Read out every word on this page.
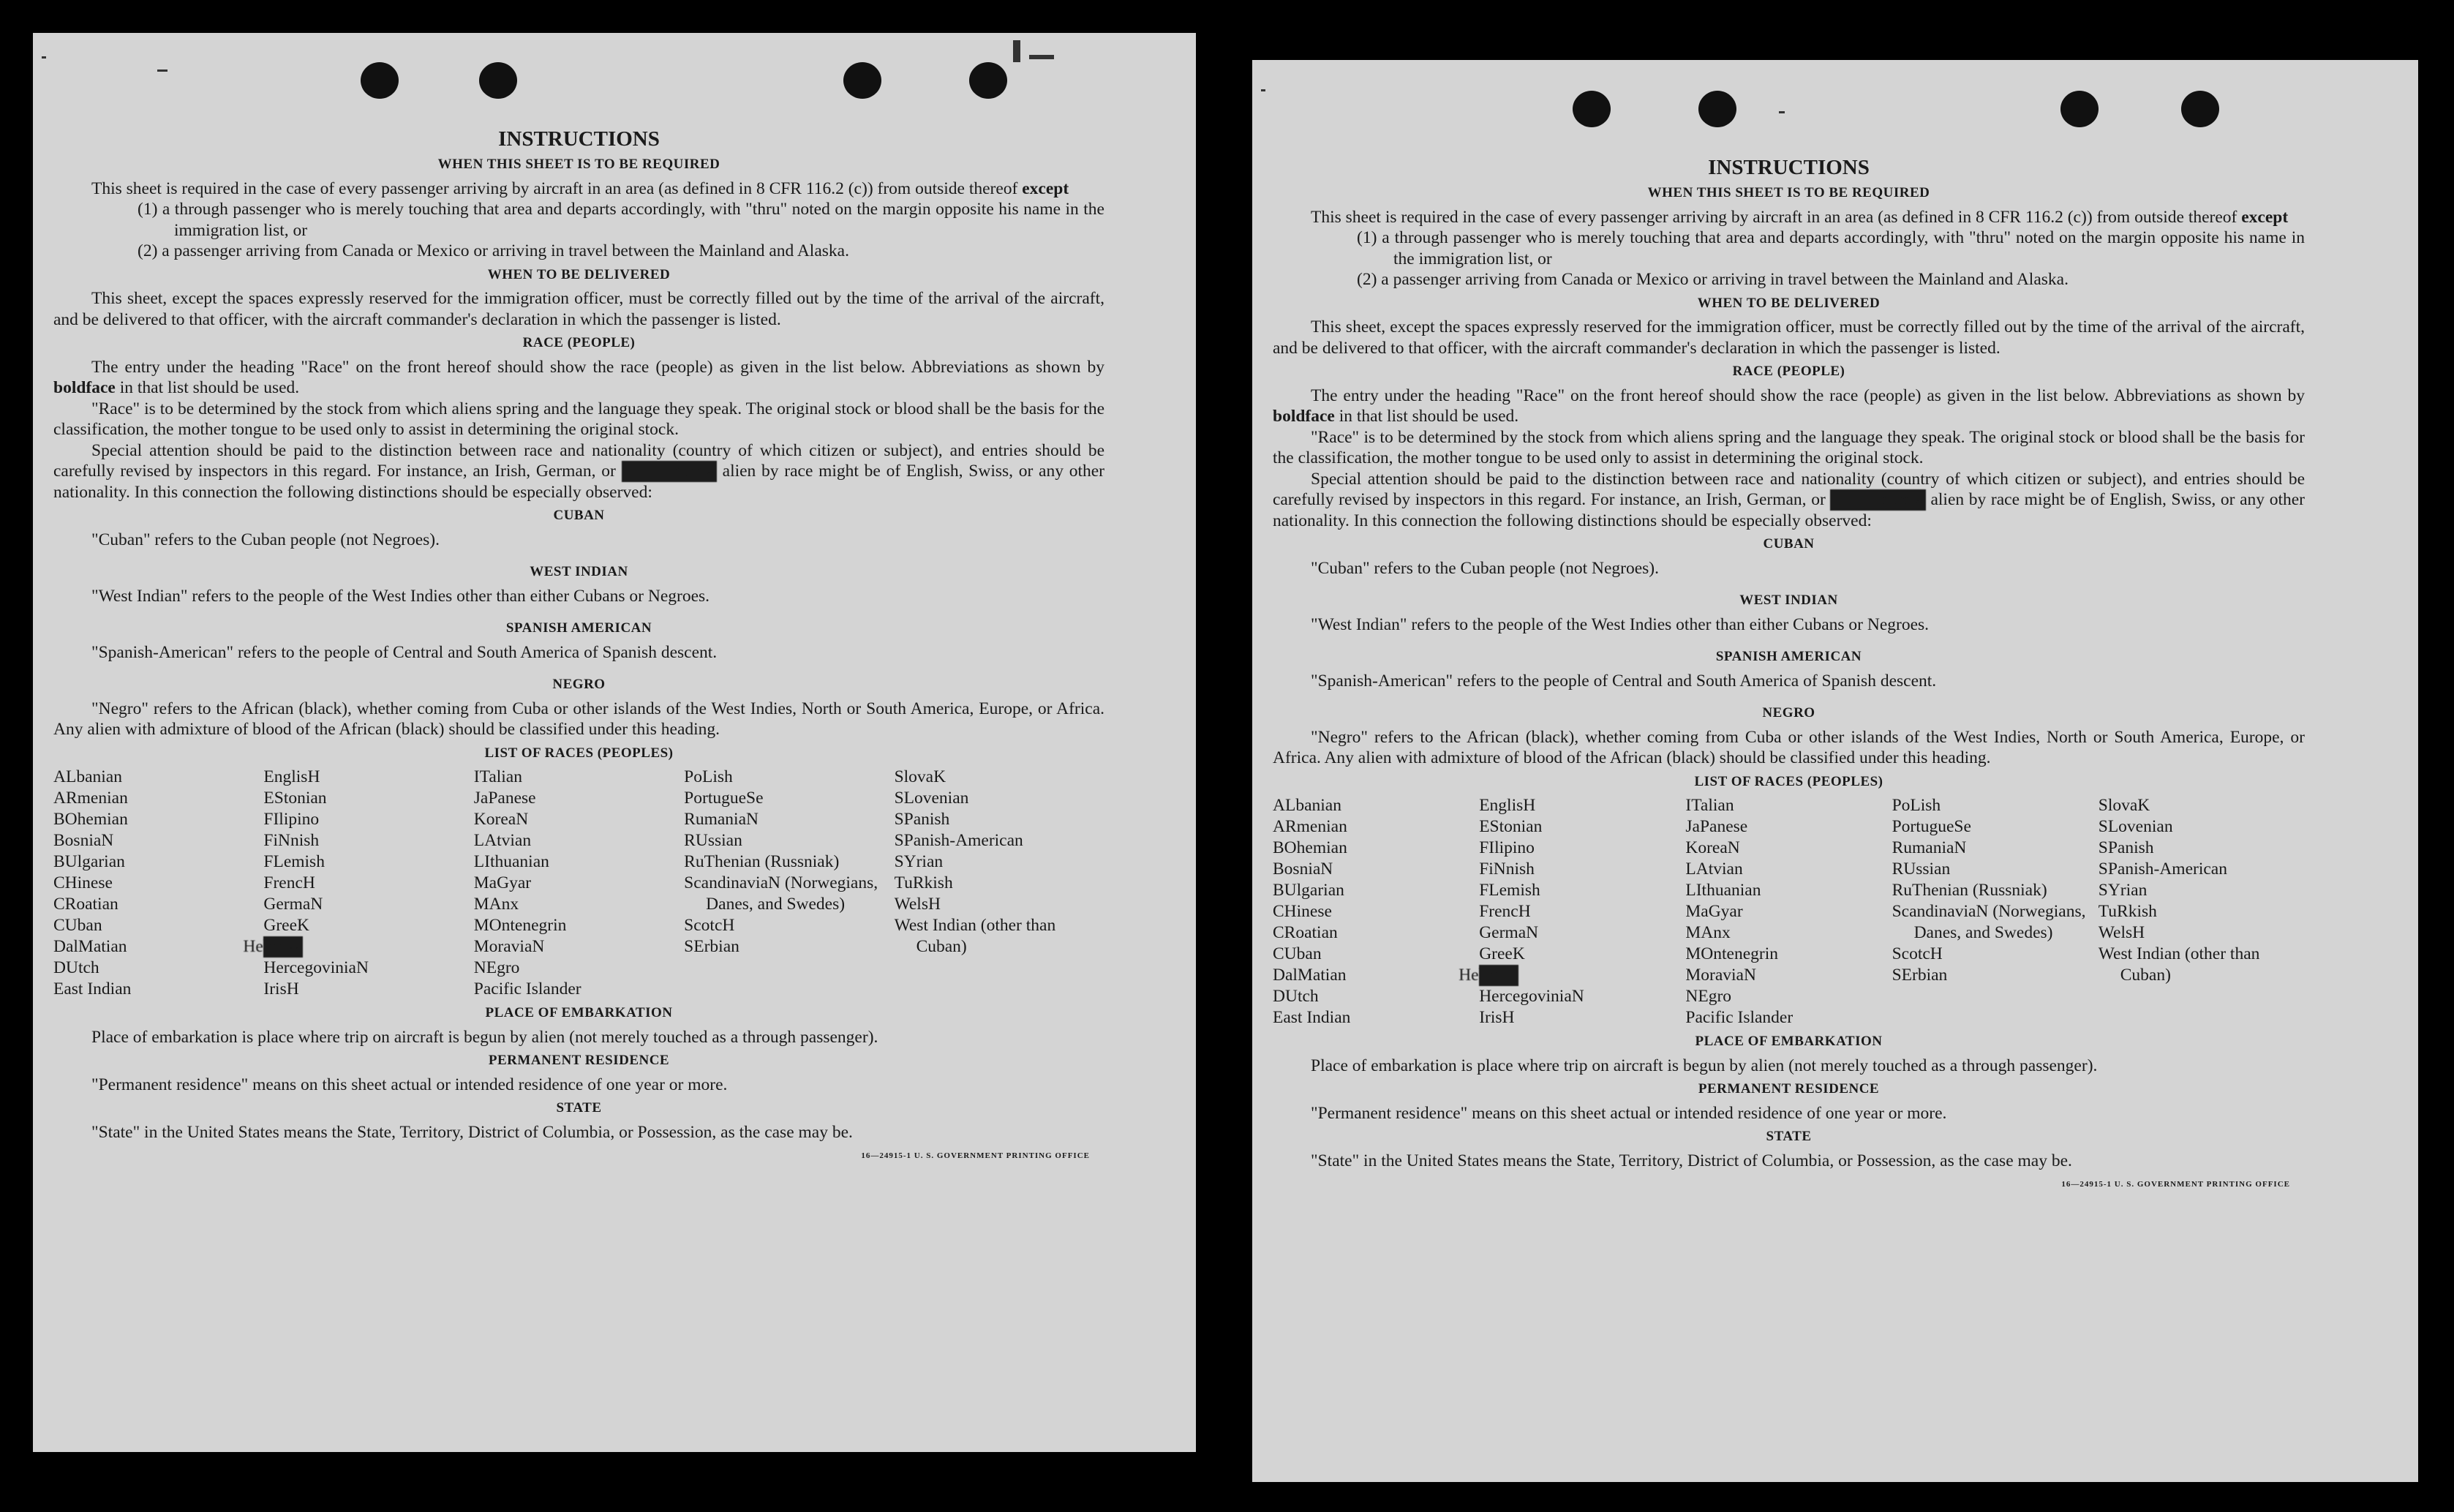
INSTRUCTIONS
WHEN THIS SHEET IS TO BE REQUIRED

This sheet is required in the case of every passenger arriving by aircraft in an area (as defined in 8 CFR 116.2 (c)) from outside thereof except

(1) a through passenger who is merely touching that area and departs accordingly, with "thru" noted on the margin opposite his name in the immigration list, or

(2) a passenger arriving from Canada or Mexico or arriving in travel between the Mainland and Alaska.

WHEN TO BE DELIVERED

This sheet, except the spaces expressly reserved for the immigration officer, must be correctly filled out by the time of the arrival of the aircraft, and be delivered to that officer, with the aircraft commander's declaration in which the passenger is listed.

RACE (PEOPLE)

The entry under the heading "Race" on the front hereof should show the race (people) as given in the list below. Abbreviations as shown by boldface in that list should be used.

"Race" is to be determined by the stock from which aliens spring and the language they speak. The original stock or blood shall be the basis for the classification, the mother tongue to be used only to assist in determining the original stock.

Special attention should be paid to the distinction between race and nationality (country of which citizen or subject), and entries should be carefully revised by inspectors in this regard. For instance, an Irish, German, or Hebrew alien by race might be of English, Swiss, or any other nationality. In this connection the following distinctions should be especially observed:

CUBAN

"Cuban" refers to the Cuban people (not Negroes).

WEST INDIAN

"West Indian" refers to the people of the West Indies other than either Cubans or Negroes.

SPANISH AMERICAN

"Spanish-American" refers to the people of Central and South America of Spanish descent.

NEGRO

"Negro" refers to the African (black), whether coming from Cuba or other islands of the West Indies, North or South America, Europe, or Africa. Any alien with admixture of blood of the African (black) should be classified under this heading.

LIST OF RACES (PEOPLES)
ALbanian
ARmenian
BOhemian
BosniaN
BUlgarian
CHinese
CRoatian
CUban
DalMatian
DUtch
East Indian
EnglisH
EStonian
FIlipino
FiNnish
FLemish
FrencH
GermaN
GreeK
HebreW
HercegoviniaN
IrisH
ITalian
JaPanese
KoreaN
LAtvian
LIthuanian
MaGyar
MAnx
MOntenegrin
MoraviaN
NEgro
Pacific Islander
PoLish
PortugueSe
RumaniaN
RUssian
RuThenian (Russniak)
ScandinaviaN (Norwegians, Danes, and Swedes)
ScotcH
SErbian
SlovaK
SLovenian
SPanish
SPanish-American
SYrian
TuRkish
WelsH
West Indian (other than Cuban)
PLACE OF EMBARKATION

Place of embarkation is place where trip on aircraft is begun by alien (not merely touched as a through passenger).

PERMANENT RESIDENCE

"Permanent residence" means on this sheet actual or intended residence of one year or more.

STATE

"State" in the United States means the State, Territory, District of Columbia, or Possession, as the case may be.

16—24915-1 U. S. GOVERNMENT PRINTING OFFICE
INSTRUCTIONS
WHEN THIS SHEET IS TO BE REQUIRED

This sheet is required in the case of every passenger arriving by aircraft in an area (as defined in 8 CFR 116.2 (c)) from outside thereof except

(1) a through passenger who is merely touching that area and departs accordingly, with "thru" noted on the margin opposite his name in the immigration list, or

(2) a passenger arriving from Canada or Mexico or arriving in travel between the Mainland and Alaska.

WHEN TO BE DELIVERED

This sheet, except the spaces expressly reserved for the immigration officer, must be correctly filled out by the time of the arrival of the aircraft, and be delivered to that officer, with the aircraft commander's declaration in which the passenger is listed.

RACE (PEOPLE)

The entry under the heading "Race" on the front hereof should show the race (people) as given in the list below. Abbreviations as shown by boldface in that list should be used.

"Race" is to be determined by the stock from which aliens spring and the language they speak. The original stock or blood shall be the basis for the classification, the mother tongue to be used only to assist in determining the original stock.

Special attention should be paid to the distinction between race and nationality (country of which citizen or subject), and entries should be carefully revised by inspectors in this regard. For instance, an Irish, German, or Hebrew alien by race might be of English, Swiss, or any other nationality. In this connection the following distinctions should be especially observed:

CUBAN

"Cuban" refers to the Cuban people (not Negroes).

WEST INDIAN

"West Indian" refers to the people of the West Indies other than either Cubans or Negroes.

SPANISH AMERICAN

"Spanish-American" refers to the people of Central and South America of Spanish descent.

NEGRO

"Negro" refers to the African (black), whether coming from Cuba or other islands of the West Indies, North or South America, Europe, or Africa. Any alien with admixture of blood of the African (black) should be classified under this heading.

LIST OF RACES (PEOPLES)
ALbanian
ARmenian
BOhemian
BosniaN
BUlgarian
CHinese
CRoatian
CUban
DalMatian
DUtch
East Indian
EnglisH
EStonian
FIlipino
FiNnish
FLemish
FrencH
GermaN
GreeK
HebreW
HercegoviniaN
IrisH
ITalian
JaPanese
KoreaN
LAtvian
LIthuanian
MaGyar
MAnx
MOntenegrin
MoraviaN
NEgro
Pacific Islander
PoLish
PortugueSe
RumaniaN
RUssian
RuThenian (Russniak)
ScandinaviaN (Norwegians, Danes, and Swedes)
ScotcH
SErbian
SlovaK
SLovenian
SPanish
SPanish-American
SYrian
TuRkish
WelsH
West Indian (other than Cuban)
PLACE OF EMBARKATION

Place of embarkation is place where trip on aircraft is begun by alien (not merely touched as a through passenger).

PERMANENT RESIDENCE

"Permanent residence" means on this sheet actual or intended residence of one year or more.

STATE

"State" in the United States means the State, Territory, District of Columbia, or Possession, as the case may be.

16—24915-1 U. S. GOVERNMENT PRINTING OFFICE
